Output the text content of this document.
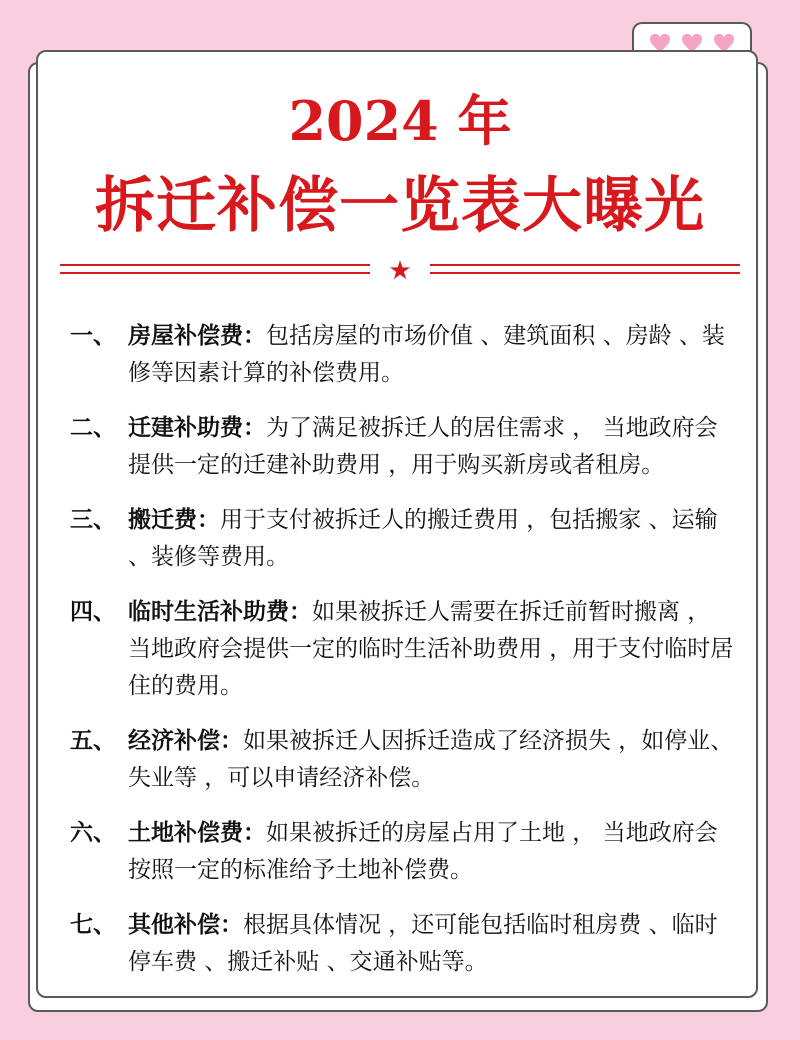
2024 年
拆迁补偿一览表大曝光
★
一、 房屋补偿费：包括房屋的市场价值 、建筑面积 、房龄 、装修等因素计算的补偿费用。
二、 迁建补助费：为了满足被拆迁人的居住需求 ， 当地政府会提供一定的迁建补助费用 ，用于购买新房或者租房。
三、 搬迁费：用于支付被拆迁人的搬迁费用 ，包括搬家 、运输 、装修等费用。
四、 临时生活补助费：如果被拆迁人需要在拆迁前暂时搬离 ， 当地政府会提供一定的临时生活补助费用 ，用于支付临时居住的费用。
五、 经济补偿：如果被拆迁人因拆迁造成了经济损失 ，如停业、失业等 ，可以申请经济补偿。
六、 土地补偿费：如果被拆迁的房屋占用了土地 ， 当地政府会按照一定的标准给予土地补偿费。
七、 其他补偿：根据具体情况 ，还可能包括临时租房费 、临时停车费 、搬迁补贴 、交通补贴等。
